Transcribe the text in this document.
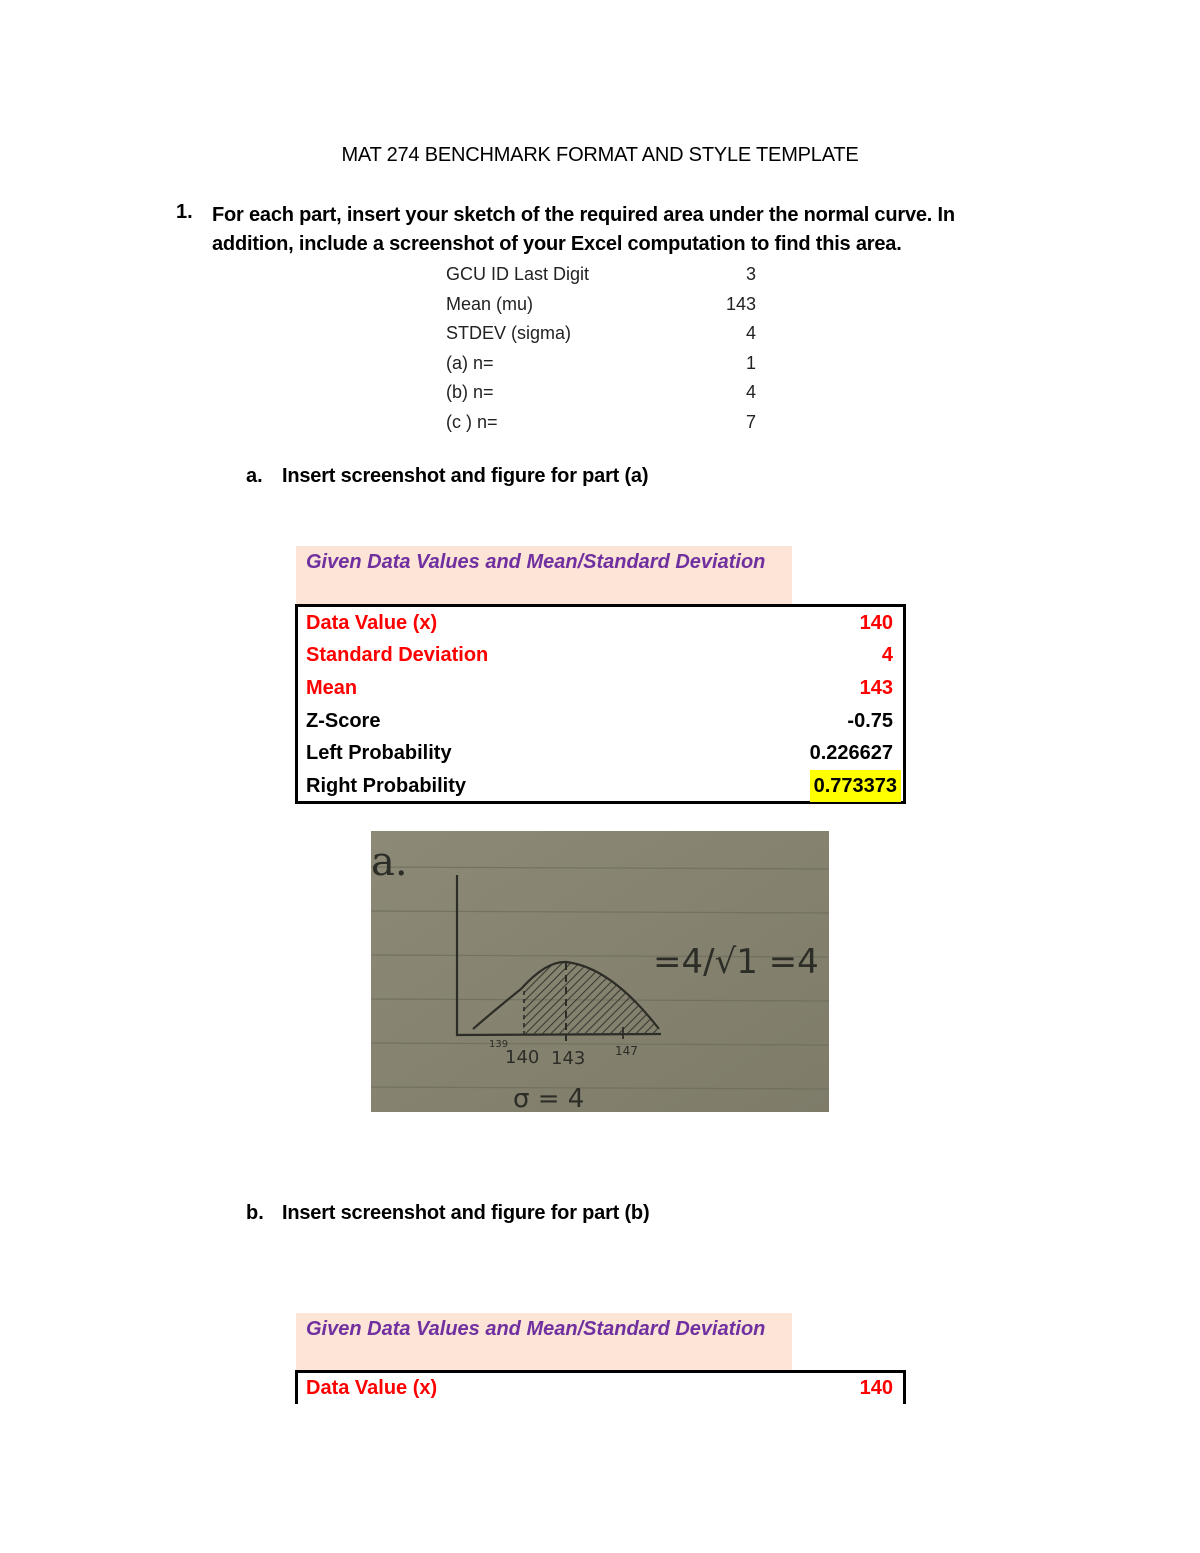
MAT 274 BENCHMARK FORMAT AND STYLE TEMPLATE
1. For each part, insert your sketch of the required area under the normal curve. In addition, include a screenshot of your Excel computation to find this area.
GCU ID Last Digit	3
Mean (mu)	143
STDEV (sigma)	4
(a) n=	1
(b) n=	4
(c ) n=	7
a. Insert screenshot and figure for part (a)
Given Data Values and Mean/Standard Deviation
Data Value (x)	140
Standard Deviation	4
Mean	143
Z-Score	-0.75
Left Probability	0.226627
Right Probability	0.773373
a.
=4/√1 =4
139
140 143 147
σ = 4
b. Insert screenshot and figure for part (b)
Given Data Values and Mean/Standard Deviation
Data Value (x)	140
